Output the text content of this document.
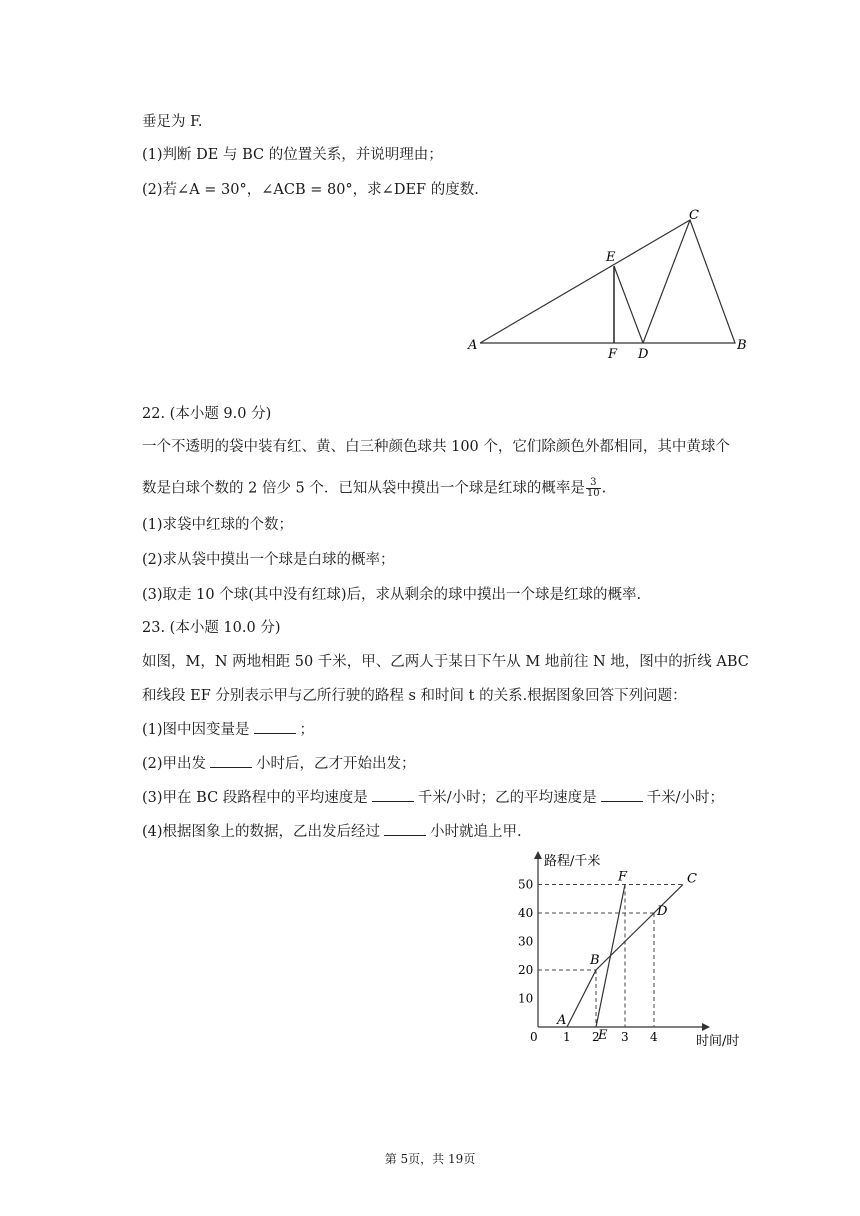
垂足为 F.
(1)判断 DE 与 BC 的位置关系，并说明理由；
(2)若∠A = 30°，∠ACB = 80°，求∠DEF 的度数.
A
C
B
E
F D
22. (本小题 9.0 分)
一个不透明的袋中装有红、黄、白三种颜色球共 100 个，它们除颜色外都相同，其中黄球个
数是白球个数的 2 倍少 5 个．已知从袋中摸出一个球是红球的概率是 $\frac{3}{10}$ .
(1)求袋中红球的个数；
(2)求从袋中摸出一个球是白球的概率；
(3)取走 10 个球(其中没有红球)后，求从剩余的球中摸出一个球是红球的概率.
23. (本小题 10.0 分)
如图，M，N 两地相距 50 千米，甲、乙两人于某日下午从 M 地前往 N 地，图中的折线 ABC
和线段 EF 分别表示甲与乙所行驶的路程 s 和时间 t 的关系.根据图象回答下列问题：
(1)图中因变量是	；
(2)甲出发	小时后，乙才开始出发；
(3)甲在 BC 段路程中的平均速度是	千米/小时；乙的平均速度是	千米/小时；
(4)根据图象上的数据，乙出发后经过	小时就追上甲.
路程/千米
时间/时
0 1 2 3 4
10
20
30
40
50
A
B
C
E
F
D
第 5页，共 19页
